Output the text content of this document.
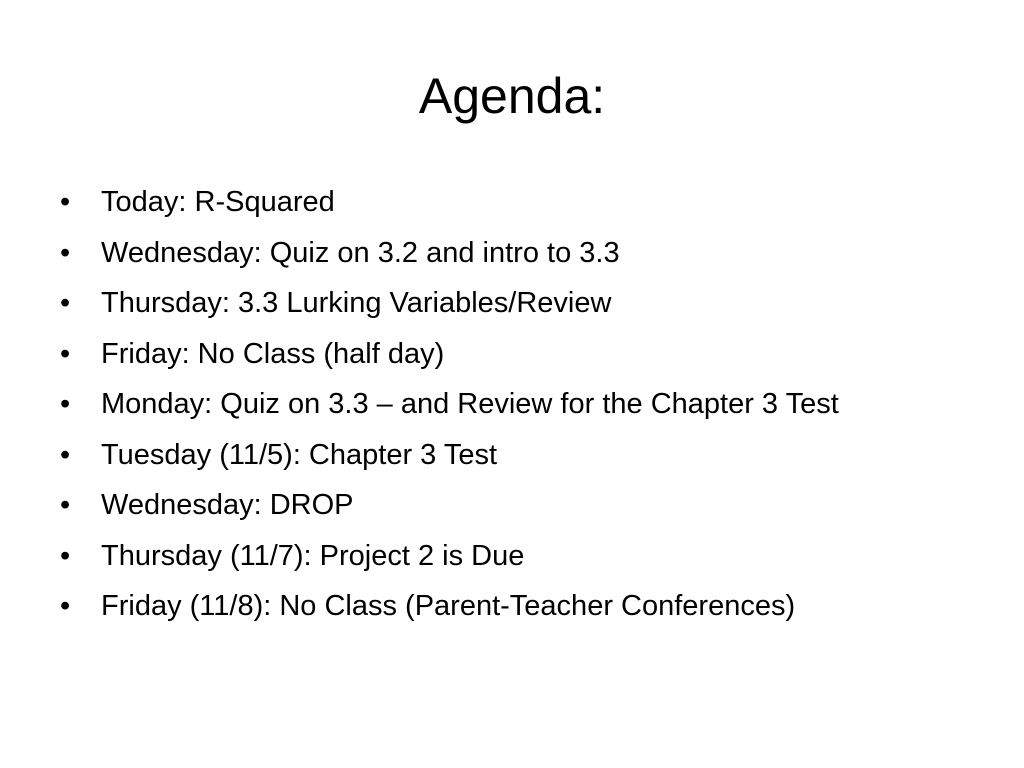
Agenda:
•	Today: R-Squared
•	Wednesday: Quiz on 3.2 and intro to 3.3
•	Thursday: 3.3 Lurking Variables/Review
•	Friday: No Class (half day)
•	Monday: Quiz on 3.3 – and Review for the Chapter 3 Test
•	Tuesday (11/5): Chapter 3 Test
•	Wednesday: DROP
•	Thursday (11/7): Project 2 is Due
•	Friday (11/8): No Class (Parent-Teacher Conferences)
